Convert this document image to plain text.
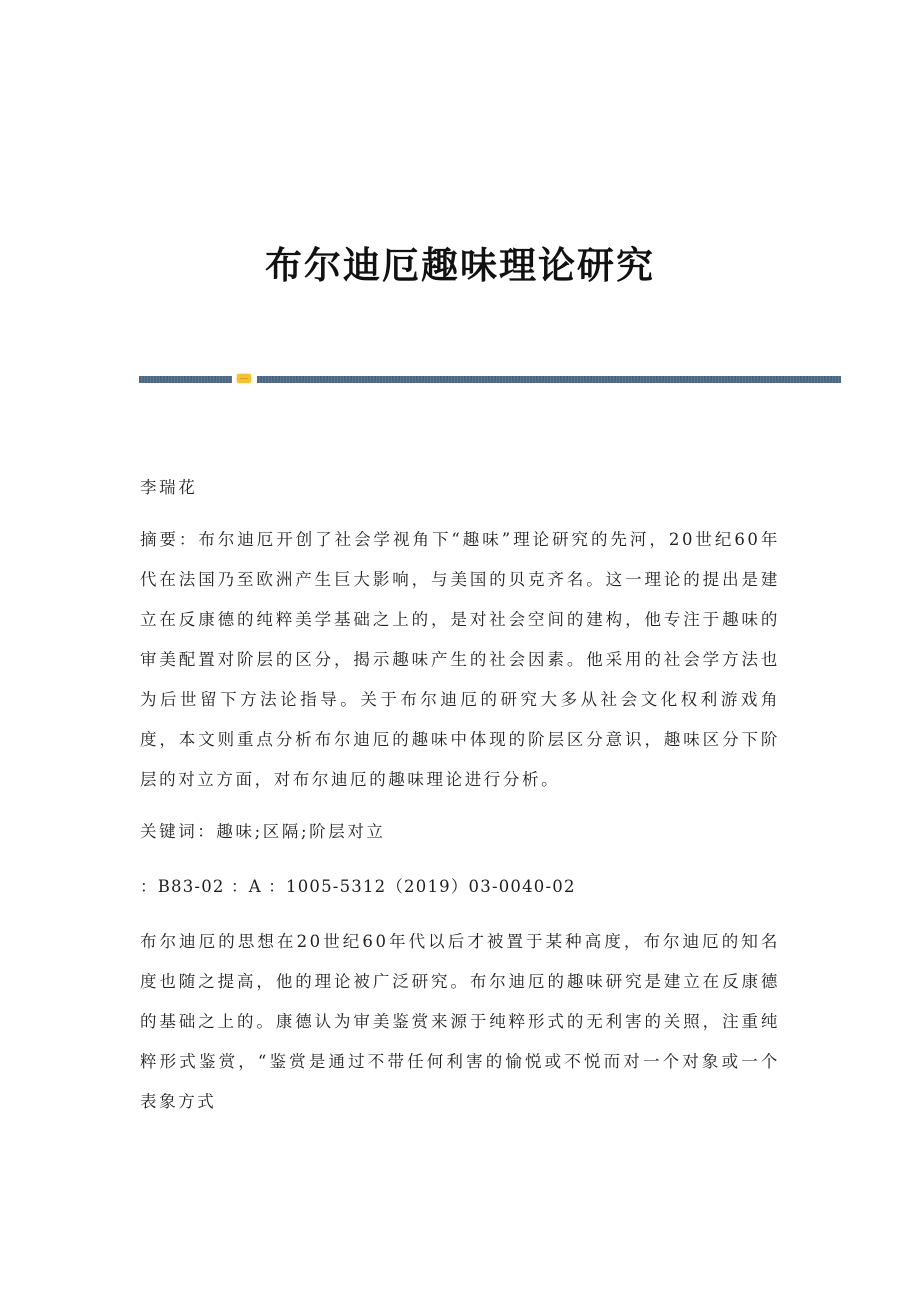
布尔迪厄趣味理论研究

李瑞花

摘要：布尔迪厄开创了社会学视角下“趣味”理论研究的先河，20世纪60年代在法国乃至欧洲产生巨大影响，与美国的贝克齐名。这一理论的提出是建立在反康德的纯粹美学基础之上的，是对社会空间的建构，他专注于趣味的审美配置对阶层的区分，揭示趣味产生的社会因素。他采用的社会学方法也为后世留下方法论指导。关于布尔迪厄的研究大多从社会文化权利游戏角度，本文则重点分析布尔迪厄的趣味中体现的阶层区分意识，趣味区分下阶层的对立方面，对布尔迪厄的趣味理论进行分析。

关键词：趣味;区隔;阶层对立

：B83-02 ：A ：1005-5312（2019）03-0040-02

布尔迪厄的思想在20世纪60年代以后才被置于某种高度，布尔迪厄的知名度也随之提高，他的理论被广泛研究。布尔迪厄的趣味研究是建立在反康德的基础之上的。康德认为审美鉴赏来源于纯粹形式的无利害的关照，注重纯粹形式鉴赏，“鉴赏是通过不带任何利害的愉悦或不悦而对一个对象或一个表象方式
